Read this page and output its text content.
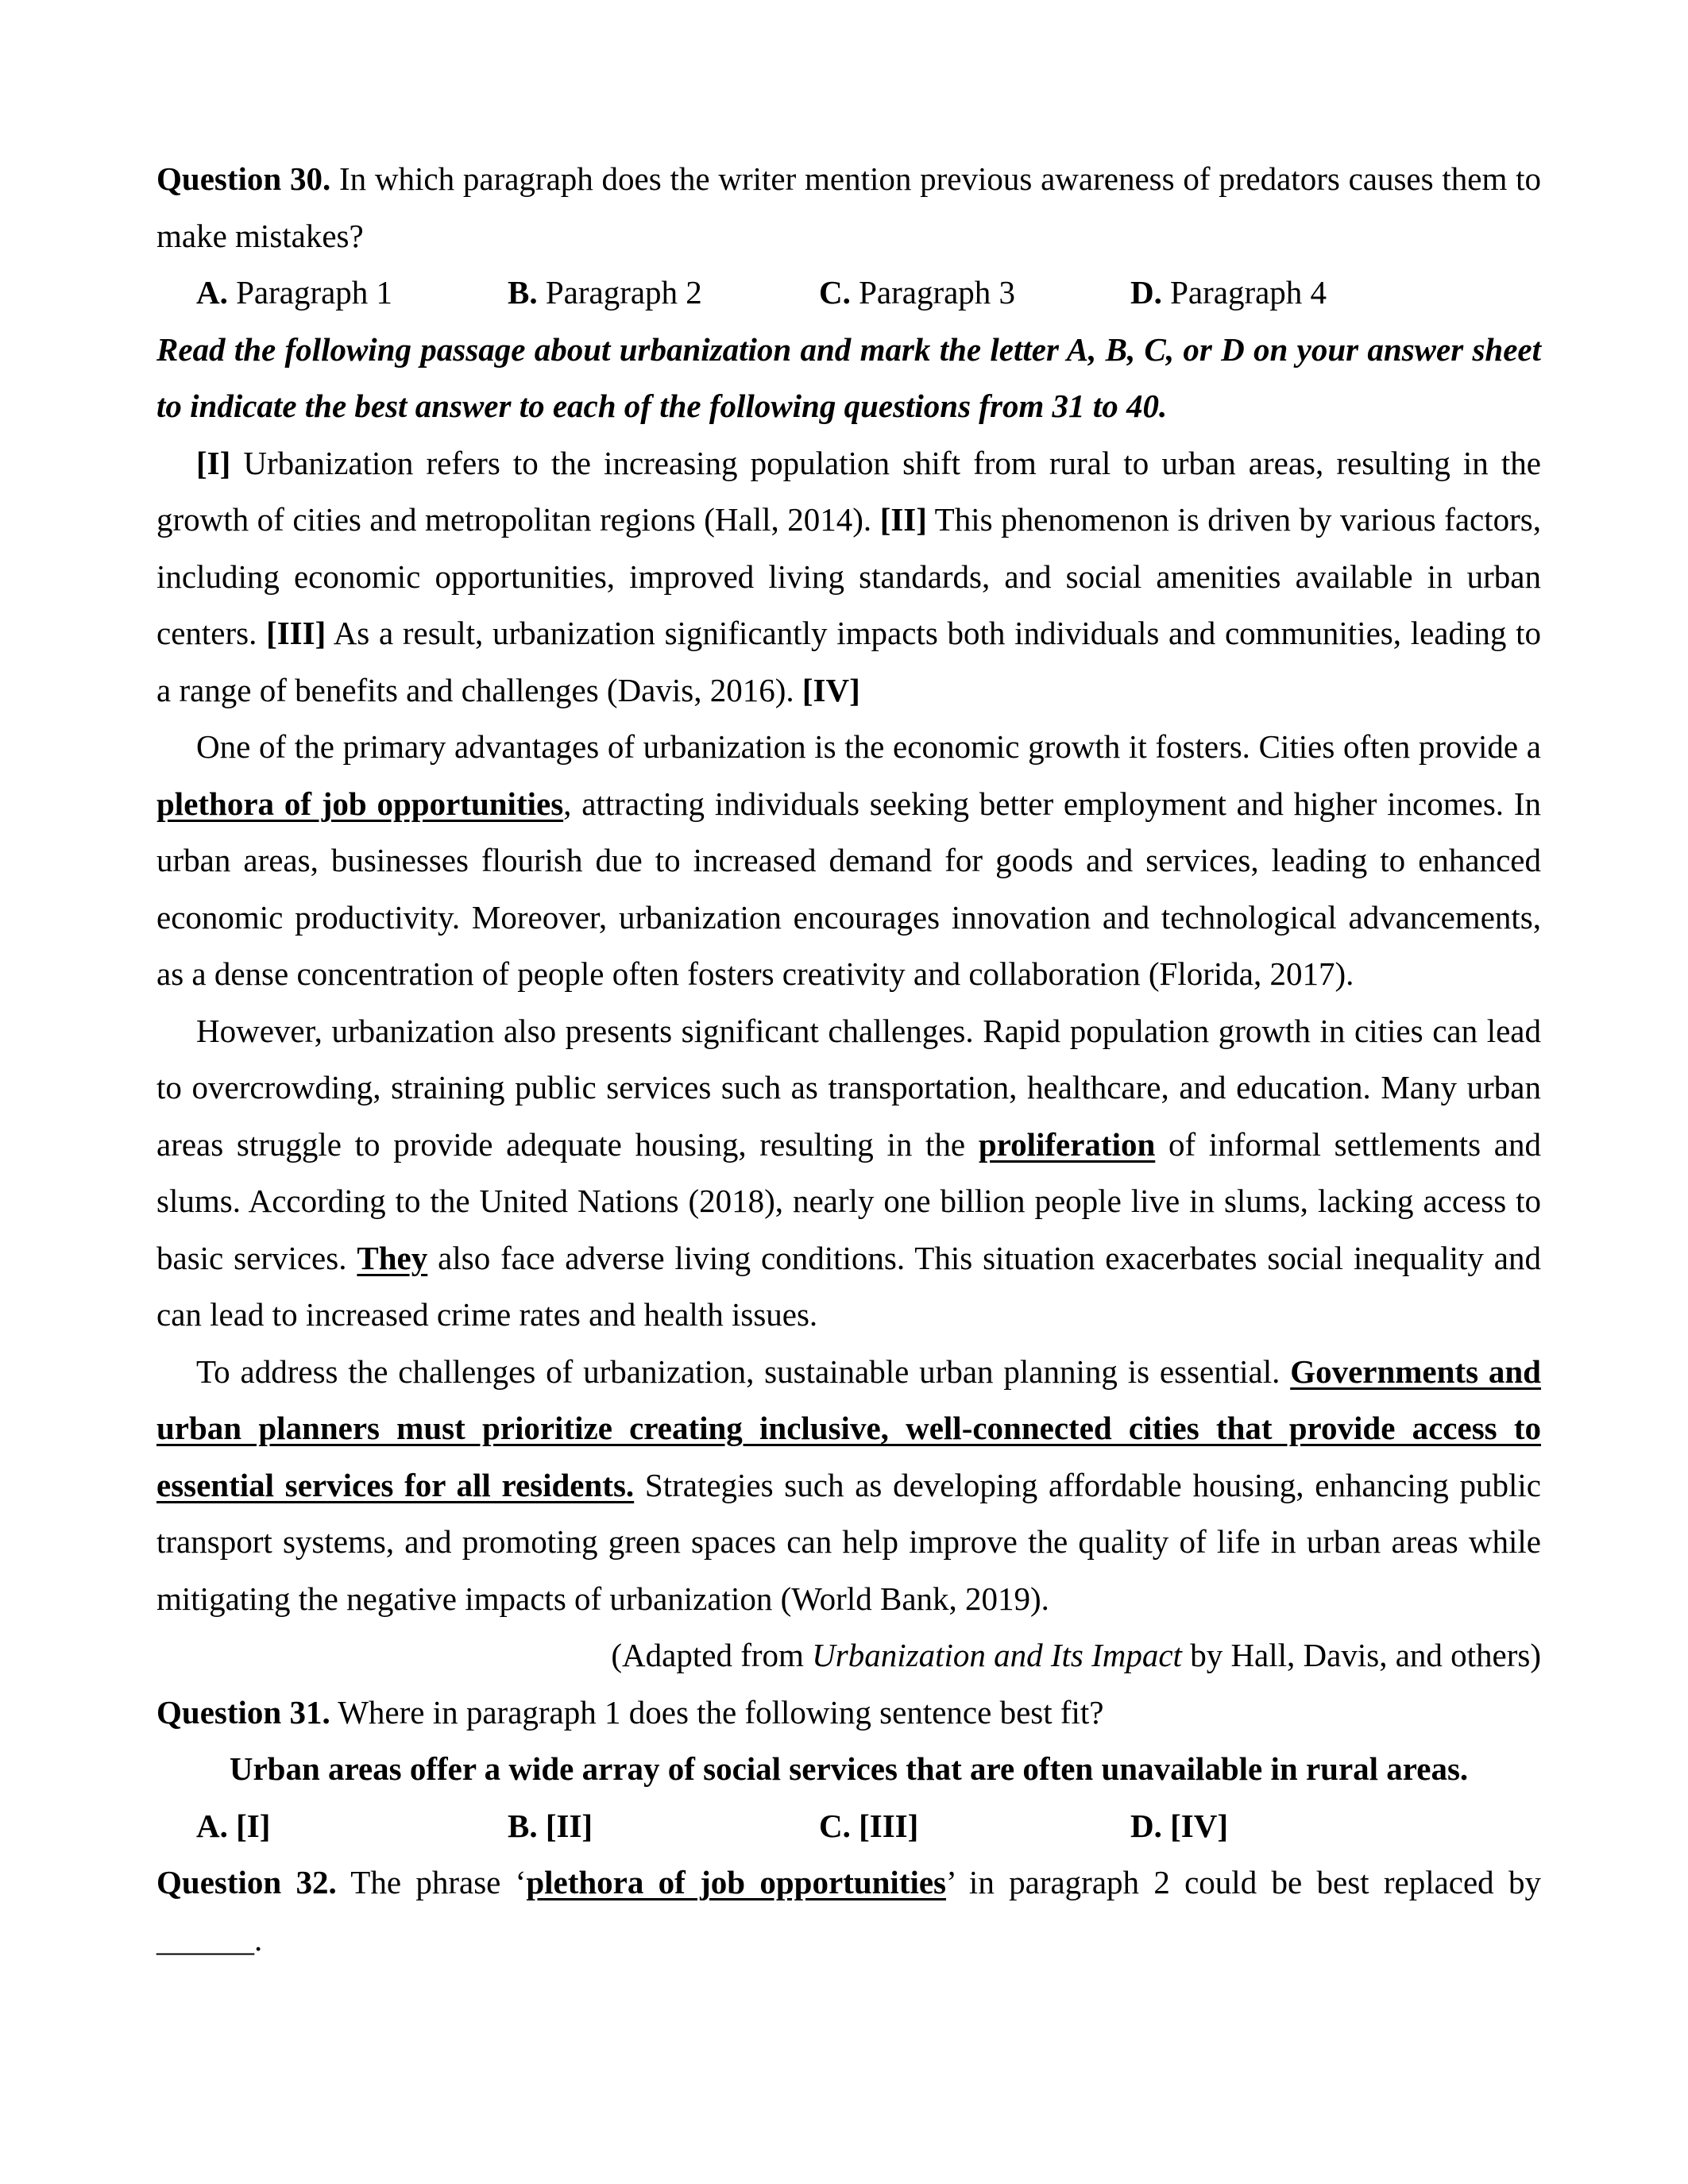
Question 30. In which paragraph does the writer mention previous awareness of predators causes them to make mistakes?

A. Paragraph 1	B. Paragraph 2	C. Paragraph 3	D. Paragraph 4

Read the following passage about urbanization and mark the letter A, B, C, or D on your answer sheet to indicate the best answer to each of the following questions from 31 to 40.

[I] Urbanization refers to the increasing population shift from rural to urban areas, resulting in the growth of cities and metropolitan regions (Hall, 2014). [II] This phenomenon is driven by various factors, including economic opportunities, improved living standards, and social amenities available in urban centers. [III] As a result, urbanization significantly impacts both individuals and communities, leading to a range of benefits and challenges (Davis, 2016). [IV]

One of the primary advantages of urbanization is the economic growth it fosters. Cities often provide a plethora of job opportunities, attracting individuals seeking better employment and higher incomes. In urban areas, businesses flourish due to increased demand for goods and services, leading to enhanced economic productivity. Moreover, urbanization encourages innovation and technological advancements, as a dense concentration of people often fosters creativity and collaboration (Florida, 2017).

However, urbanization also presents significant challenges. Rapid population growth in cities can lead to overcrowding, straining public services such as transportation, healthcare, and education. Many urban areas struggle to provide adequate housing, resulting in the proliferation of informal settlements and slums. According to the United Nations (2018), nearly one billion people live in slums, lacking access to basic services. They also face adverse living conditions. This situation exacerbates social inequality and can lead to increased crime rates and health issues.

To address the challenges of urbanization, sustainable urban planning is essential. Governments and urban planners must prioritize creating inclusive, well-connected cities that provide access to essential services for all residents. Strategies such as developing affordable housing, enhancing public transport systems, and promoting green spaces can help improve the quality of life in urban areas while mitigating the negative impacts of urbanization (World Bank, 2019).

(Adapted from Urbanization and Its Impact by Hall, Davis, and others)

Question 31. Where in paragraph 1 does the following sentence best fit?

Urban areas offer a wide array of social services that are often unavailable in rural areas.

A. [I]	B. [II]	C. [III]	D. [IV]

Question 32. The phrase ‘plethora of job opportunities’ in paragraph 2 could be best replaced by

______.
